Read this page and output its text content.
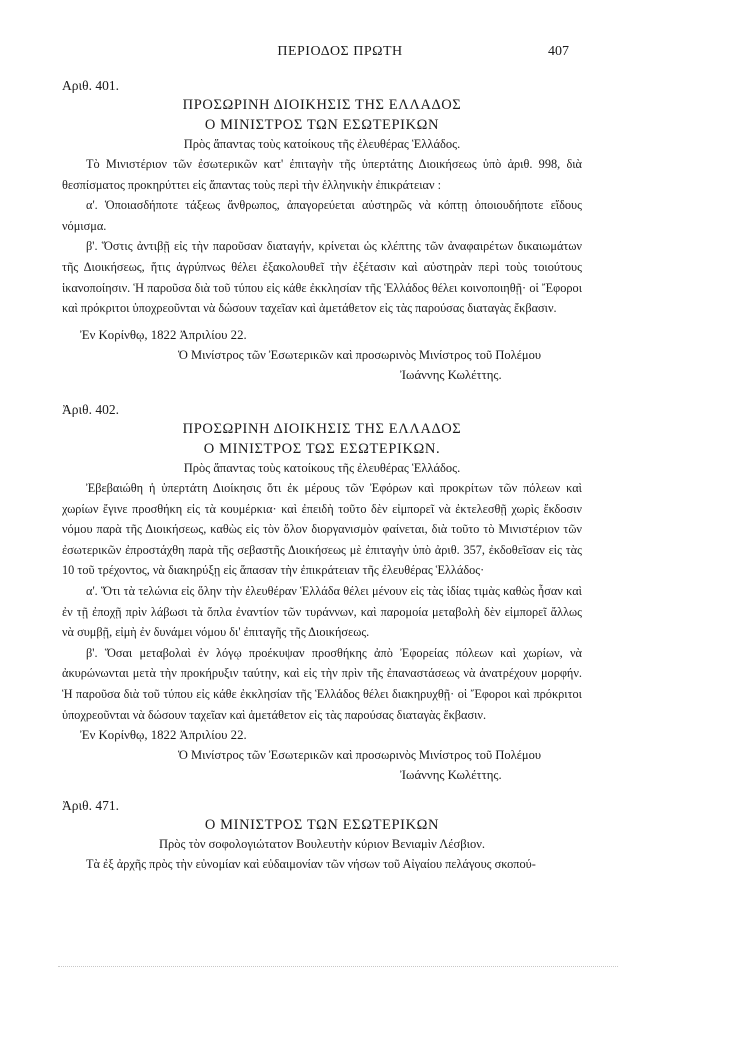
ΠΕΡΙΟΔΟΣ ΠΡΩΤΗ	407
Αριθ. 401.
ΠΡΟΣΩΡΙΝΗ ΔΙΟΙΚΗΣΙΣ ΤΗΣ ΕΛΛΑΔΟΣ
Ο ΜΙΝΙΣΤΡΟΣ ΤΩΝ ΕΣΩΤΕΡΙΚΩΝ
Πρὸς ἅπαντας τοὺς κατοίκους τῆς ἐλευθέρας Ἑλλάδος.

Τὸ Μινιστέριον τῶν ἐσωτερικῶν κατ' ἐπιταγὴν τῆς ὑπερτάτης Διοικήσεως ὑπὸ ἀριθ. 998, διὰ θεσπίσματος προκηρύττει εἰς ἅπαντας τοὺς περὶ τὴν ἑλληνικὴν ἐπικράτειαν :

α'. Ὁποιασδήποτε τάξεως ἄνθρωπος, ἀπαγορεύεται αὐστηρῶς νὰ κόπτῃ ὁποιουδήποτε εἴδους νόμισμα.

β'. Ὅστις ἀντιβῇ εἰς τὴν παροῦσαν διαταγήν, κρίνεται ὡς κλέπτης τῶν ἀναφαιρέτων δικαιωμάτων τῆς Διοικήσεως, ἥτις ἀγρύπνως θέλει ἐξακολουθεῖ τὴν ἐξέτασιν καὶ αὐστηρὰν περὶ τοὺς τοιούτους ἱκανοποίησιν. Ἡ παροῦσα διὰ τοῦ τύπου εἰς κάθε ἐκκλησίαν τῆς Ἑλλάδος θέλει κοινοποιηθῇ· οἱ Ἔφοροι καὶ πρόκριτοι ὑποχρεοῦνται νὰ δώσουν ταχεῖαν καὶ ἀμετάθετον εἰς τὰς παρούσας διαταγὰς ἔκβασιν.

Ἐν Κορίνθῳ, 1822 Ἀπριλίου 22.
Ὁ Μινίστρος τῶν Ἐσωτερικῶν καὶ προσωρινὸς Μινίστρος τοῦ Πολέμου
Ἰωάννης Κωλέττης.
Ἀριθ. 402.
ΠΡΟΣΩΡΙΝΗ ΔΙΟΙΚΗΣΙΣ ΤΗΣ ΕΛΛΑΔΟΣ
Ο ΜΙΝΙΣΤΡΟΣ ΤΩΣ ΕΣΩΤΕΡΙΚΩΝ.
Πρὸς ἅπαντας τοὺς κατοίκους τῆς ἐλευθέρας Ἑλλάδος.

Ἐβεβαιώθη ἡ ὑπερτάτη Διοίκησις ὅτι ἐκ μέρους τῶν Ἐφόρων καὶ προκρίτων τῶν πόλεων καὶ χωρίων ἔγινε προσθήκη εἰς τὰ κουμέρκια· καὶ ἐπειδὴ τοῦτο δὲν εἰμπορεῖ νὰ ἐκτελεσθῇ χωρὶς ἔκδοσιν νόμου παρὰ τῆς Διοικήσεως, καθὼς εἰς τὸν ὅλον διοργανισμὸν φαίνεται, διὰ τοῦτο τὸ Μινιστέριον τῶν ἐσωτερικῶν ἐπροστάχθη παρὰ τῆς σεβαστῆς Διοικήσεως μὲ ἐπιταγὴν ὑπὸ ἀριθ. 357, ἐκδοθεῖσαν εἰς τὰς 10 τοῦ τρέχοντος, νὰ διακηρύξῃ εἰς ἅπασαν τὴν ἐπικράτειαν τῆς ἐλευθέρας Ἑλλάδος·

α'. Ὅτι τὰ τελώνια εἰς ὅλην τὴν ἐλευθέραν Ἑλλάδα θέλει μένουν εἰς τὰς ἰδίας τιμὰς καθὼς ἦσαν καὶ ἐν τῇ ἐποχῇ πρὶν λάβωσι τὰ ὅπλα ἐναντίον τῶν τυράννων, καὶ παρομοία μεταβολὴ δὲν εἰμπορεῖ ἄλλως νὰ συμβῇ, εἰμὴ ἐν δυνάμει νόμου δι' ἐπιταγῆς τῆς Διοικήσεως.

β'. Ὅσαι μεταβολαὶ ἐν λόγῳ προέκυψαν προσθήκης ἀπὸ Ἐφορείας πόλεων καὶ χωρίων, νὰ ἀκυρώνωνται μετὰ τὴν προκήρυξιν ταύτην, καὶ εἰς τὴν πρὶν τῆς ἐπαναστάσεως νὰ ἀνατρέχουν μορφήν. Ἡ παροῦσα διὰ τοῦ τύπου εἰς κάθε ἐκκλησίαν τῆς Ἑλλάδος θέλει διακηρυχθῇ· οἱ Ἔφοροι καὶ πρόκριτοι ὑποχρεοῦνται νὰ δώσουν ταχεῖαν καὶ ἀμετάθετον εἰς τὰς παρούσας διαταγὰς ἔκβασιν.

Ἐν Κορίνθῳ, 1822 Ἀπριλίου 22.
Ὁ Μινίστρος τῶν Ἐσωτερικῶν καὶ προσωρινὸς Μινίστρος τοῦ Πολέμου
Ἰωάννης Κωλέττης.
Ἀριθ. 471.
Ο ΜΙΝΙΣΤΡΟΣ ΤΩΝ ΕΣΩΤΕΡΙΚΩΝ
Πρὸς τὸν σοφολογιώτατον Βουλευτὴν κύριον Βενιαμὶν Λέσβιον.

Τὰ ἐξ ἀρχῆς πρὸς τὴν εὐνομίαν καὶ εὐδαιμονίαν τῶν νήσων τοῦ Αἰγαίου πελάγους σκοπού-
